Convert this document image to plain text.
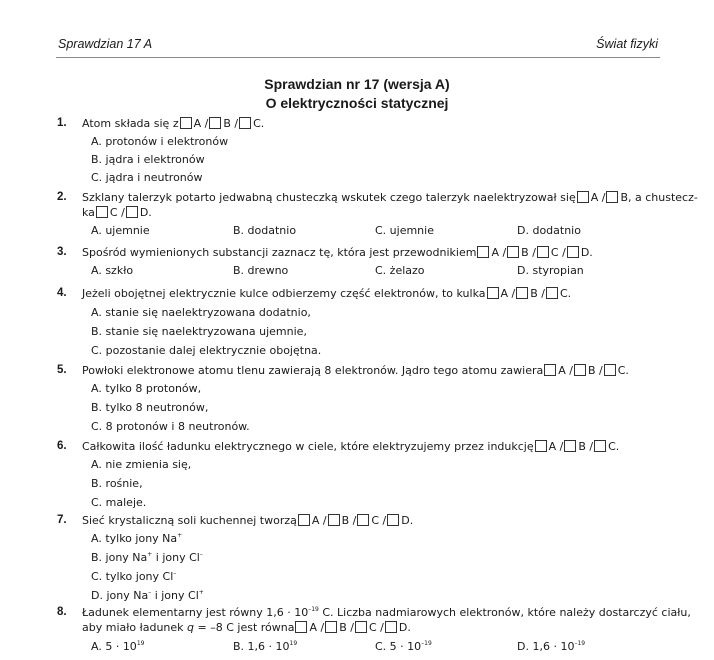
Sprawdzian 17 A	Świat fizyki
Sprawdzian nr 17 (wersja A)
O elektryczności statycznej
1. Atom składa się z A / B / C.
A. protonów i elektronów
B. jądra i elektronów
C. jądra i neutronów
2. Szklany talerzyk potarto jedwabną chusteczką wskutek czego talerzyk naelektryzował się A / B, a chustecz-
ka C / D.
A. ujemnie	B. dodatnio	C. ujemnie	D. dodatnio
3. Spośród wymienionych substancji zaznacz tę, która jest przewodnikiem A / B / C / D.
A. szkło	B. drewno	C. żelazo	D. styropian
4. Jeżeli obojętnej elektrycznie kulce odbierzemy część elektronów, to kulka A / B / C.
A. stanie się naelektryzowana dodatnio,
B. stanie się naelektryzowana ujemnie,
C. pozostanie dalej elektrycznie obojętna.
5. Powłoki elektronowe atomu tlenu zawierają 8 elektronów. Jądro tego atomu zawiera A / B / C.
A. tylko 8 protonów,
B. tylko 8 neutronów,
C. 8 protonów i 8 neutronów.
6. Całkowita ilość ładunku elektrycznego w ciele, które elektryzujemy przez indukcję A / B / C.
A. nie zmienia się,
B. rośnie,
C. maleje.
7. Sieć krystaliczną soli kuchennej tworzą A / B / C / D.
A. tylko jony Na+
B. jony Na+ i jony Cl–
C. tylko jony Cl–
D. jony Na– i jony Cl+
8. Ładunek elementarny jest równy $1,6 \cdot 10^{-19}$ C. Liczba nadmiarowych elektronów, które należy dostarczyć ciału,
aby miało ładunek q = –8 C jest równa A / B / C / D.
A. $5 \cdot 10^{19}$	B. $1,6 \cdot 10^{19}$	C. $5 \cdot 10^{-19}$	D. $1,6 \cdot 10^{-19}$
